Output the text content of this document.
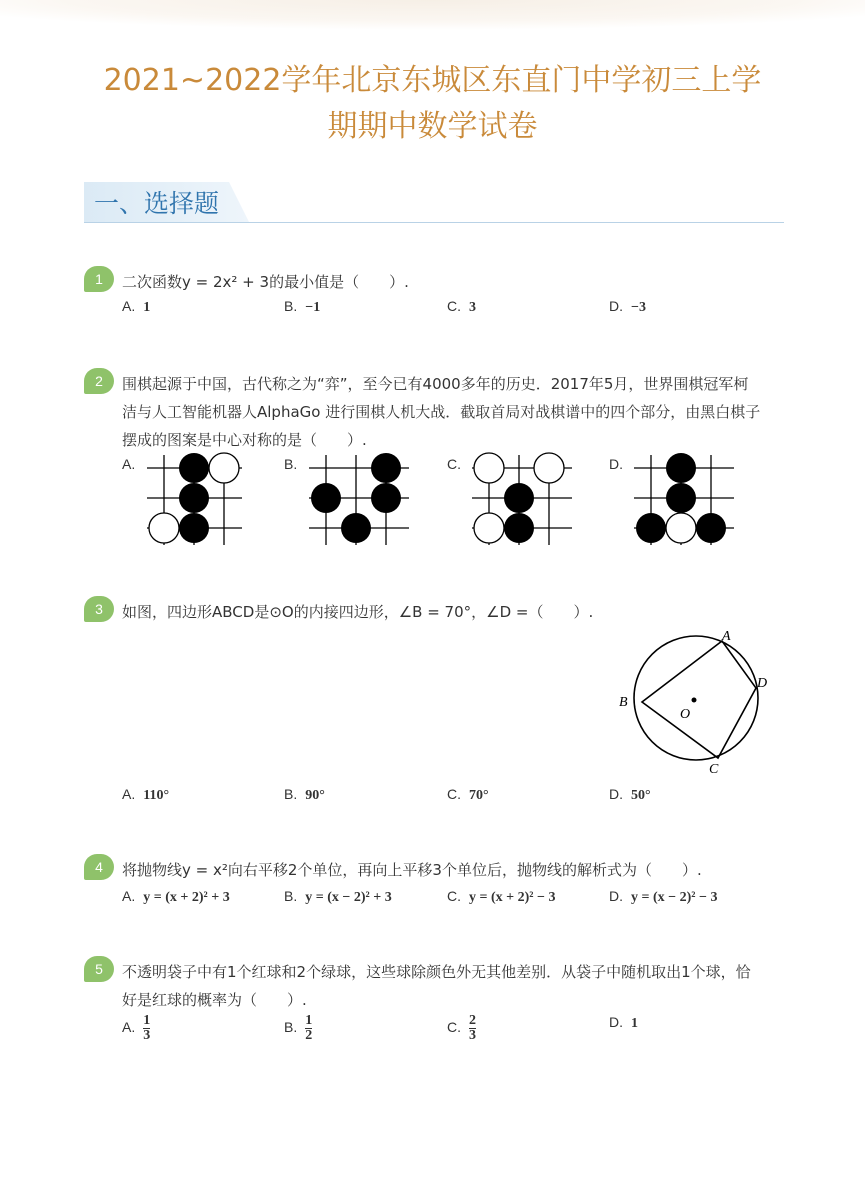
2021~2022学年北京东城区东直门中学初三上学
期期中数学试卷
一、选择题
1	二次函数y = 2x² + 3的最小值是（　　）.
A. 1	B. −1	C. 3	D. −3
2	围棋起源于中国，古代称之为“弈”，至今已有4000多年的历史．2017年5月，世界围棋冠军柯
洁与人工智能机器人AlphaGo 进行围棋人机大战．截取首局对战棋谱中的四个部分，由黑白棋子
摆成的图案是中心对称的是（　　）.
A.	B.	C.	D.
3	如图，四边形ABCD是⊙O的内接四边形，∠B = 70°，∠D =（　　）.
A
D
B
C
O
A. 110°	B. 90°	C. 70°	D. 50°
4	将抛物线y = x²向右平移2个单位，再向上平移3个单位后，抛物线的解析式为（　　）.
A. y = (x + 2)² + 3	B. y = (x − 2)² + 3	C. y = (x + 2)² − 3	D. y = (x − 2)² − 3
5	不透明袋子中有1个红球和2个绿球，这些球除颜色外无其他差别．从袋子中随机取出1个球，恰
好是红球的概率为（　　）.
A. $\frac{1}{3}$	B. $\frac{1}{2}$	C. $\frac{2}{3}$	D. 1
